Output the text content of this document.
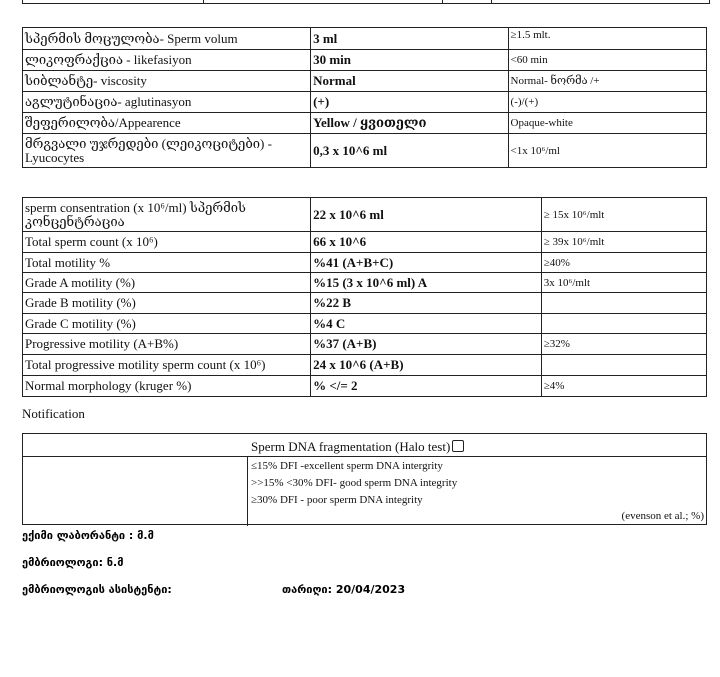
სპერმის მოცულობა- Sperm volum	3 ml	≥1.5 mlt.

ლიკოფრაქცია - likefasiyon	30 min	<60 min

სიბლანტე- viscosity	Normal	Normal- ნორმა /+

აგლუტინაცია- aglutinasyon	(+)	(-)/(+)

შეფერილობა/Appearence	Yellow / ყვითელი	Opaque-white

მრგვალი უჯრედები (ლეიკოციტები) -
Lyucocytes	0,3 x 10^6 ml	<1x 10⁶/ml
sperm consentration (x 10⁶/ml) სპერმის
კონცენტრაცია	22 x 10^6 ml	≥ 15x 10⁶/mlt

Total sperm count (x 10⁶)	66 x 10^6	≥ 39x 10⁶/mlt

Total motility %	%41 (A+B+C)	≥40%

Grade A motility (%)	%15 (3 x 10^6 ml) A	3x 10⁶/mlt

Grade B motility (%)	%22 B	

Grade C motility (%)	%4 C	

Progressive motility (A+B%)	%37 (A+B)	≥32%

Total progressive motility sperm count (x 10⁶)	24 x 10^6 (A+B)	

Normal morphology (kruger %)	% </= 2	≥4%
Notification
Sperm DNA fragmentation (Halo test)
≤15% DFI -excellent sperm DNA intergrity
>>15% <30% DFI- good sperm DNA integrity
≥30% DFI - poor sperm DNA integrity
(evenson et al.; %)
ექიმი ლაბორანტი : მ.მ
ემბრიოლოგი: ნ.მ
ემბრიოლოგის ასისტენტი:	თარიღი: 20/04/2023
